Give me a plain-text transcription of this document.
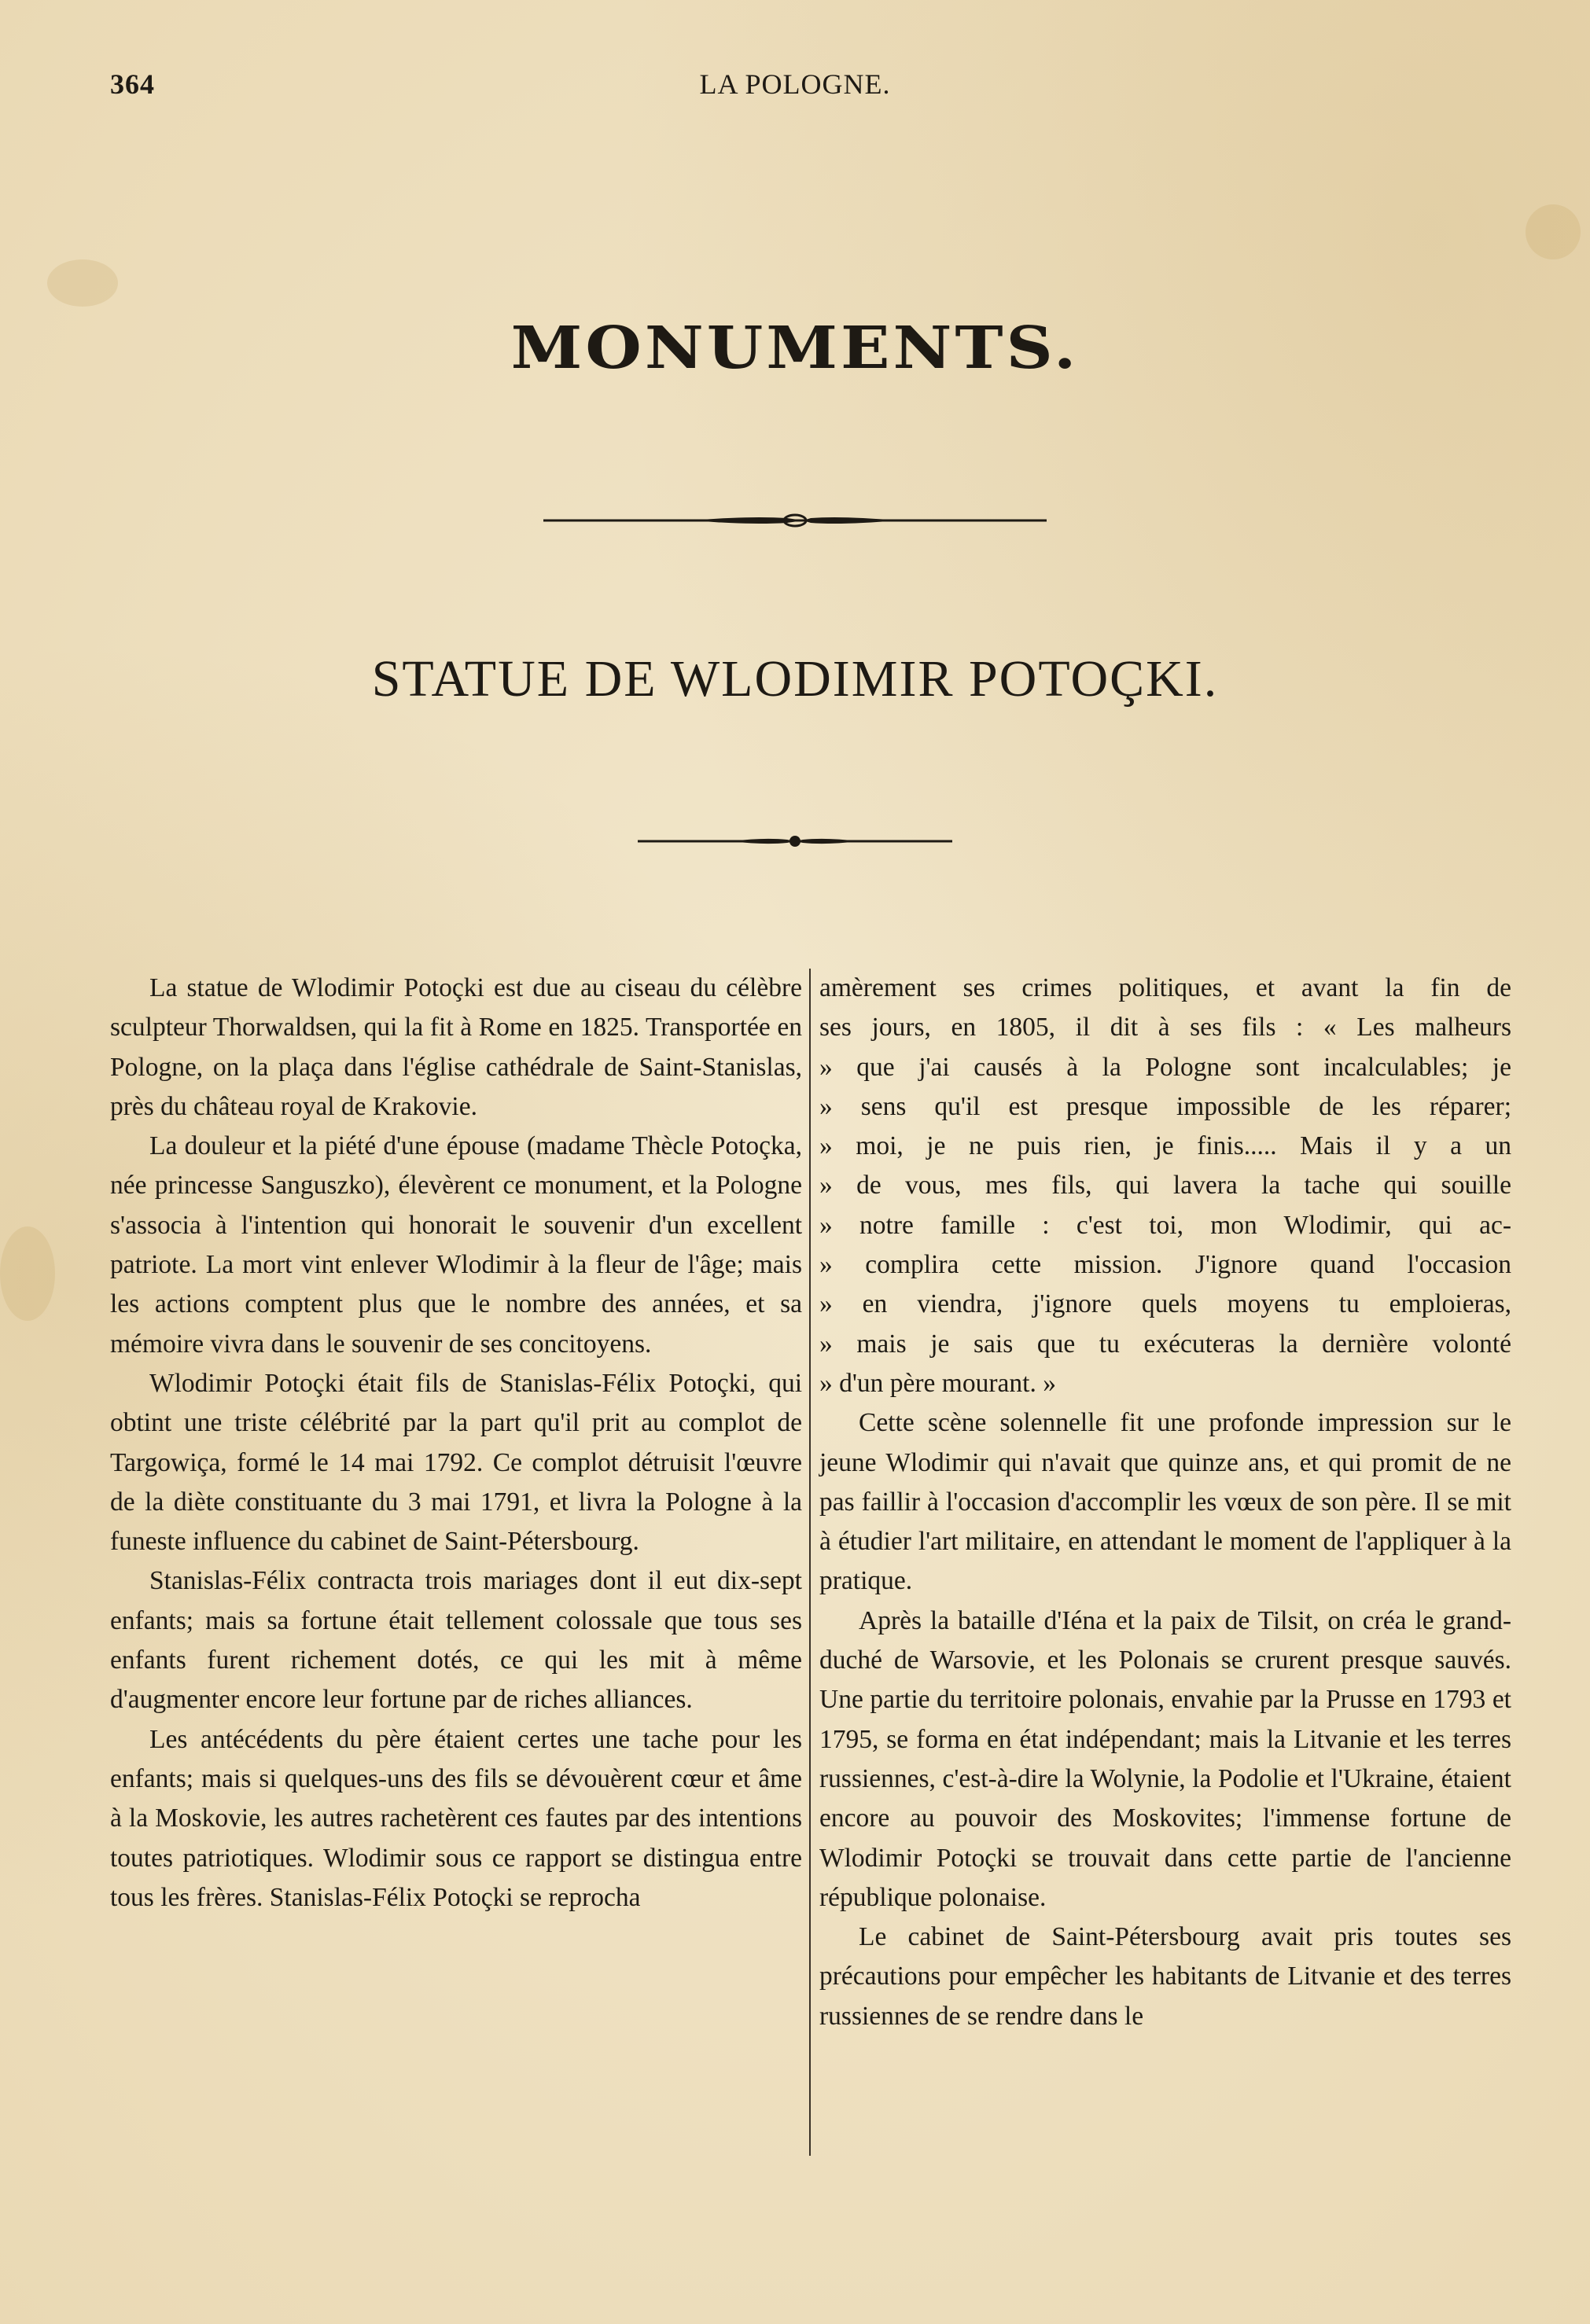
364	LA POLOGNE.
MONUMENTS.
STATUE DE WLODIMIR POTOÇKI.

La statue de Wlodimir Potoçki est due au ciseau du célèbre sculpteur Thorwaldsen, qui la fit à Rome en 1825. Transportée en Pologne, on la plaça dans l'église cathédrale de Saint-Stanislas, près du château royal de Krakovie.

La douleur et la piété d'une épouse (madame Thècle Potoçka, née princesse Sanguszko), élevèrent ce monument, et la Pologne s'associa à l'intention qui honorait le souvenir d'un excellent patriote. La mort vint enlever Wlodimir à la fleur de l'âge; mais les actions comptent plus que le nombre des années, et sa mémoire vivra dans le souvenir de ses concitoyens.

Wlodimir Potoçki était fils de Stanislas-Félix Potoçki, qui obtint une triste célébrité par la part qu'il prit au complot de Targowiça, formé le 14 mai 1792. Ce complot détruisit l'œuvre de la diète constituante du 3 mai 1791, et livra la Pologne à la funeste influence du cabinet de Saint-Pétersbourg.

Stanislas-Félix contracta trois mariages dont il eut dix-sept enfants; mais sa fortune était tellement colossale que tous ses enfants furent richement dotés, ce qui les mit à même d'augmenter encore leur fortune par de riches alliances.

Les antécédents du père étaient certes une tache pour les enfants; mais si quelques-uns des fils se dévouèrent cœur et âme à la Moskovie, les autres rachetèrent ces fautes par des intentions toutes patriotiques. Wlodimir sous ce rapport se distingua entre tous les frères. Stanislas-Félix Potoçki se reprocha

amèrement ses crimes politiques, et avant la fin de

ses jours, en 1805, il dit à ses fils : « Les malheurs

» que j'ai causés à la Pologne sont incalculables; je

» sens qu'il est presque impossible de les réparer;

» moi, je ne puis rien, je finis..... Mais il y a un

» de vous, mes fils, qui lavera la tache qui souille

» notre famille : c'est toi, mon Wlodimir, qui ac-

» complira cette mission. J'ignore quand l'occasion

» en viendra, j'ignore quels moyens tu emploieras,

» mais je sais que tu exécuteras la dernière volonté

» d'un père mourant. »

Cette scène solennelle fit une profonde impression sur le jeune Wlodimir qui n'avait que quinze ans, et qui promit de ne pas faillir à l'occasion d'accomplir les vœux de son père. Il se mit à étudier l'art militaire, en attendant le moment de l'appliquer à la pratique.

Après la bataille d'Iéna et la paix de Tilsit, on créa le grand-duché de Warsovie, et les Polonais se crurent presque sauvés. Une partie du territoire polonais, envahie par la Prusse en 1793 et 1795, se forma en état indépendant; mais la Litvanie et les terres russiennes, c'est-à-dire la Wolynie, la Podolie et l'Ukraine, étaient encore au pouvoir des Moskovites; l'immense fortune de Wlodimir Potoçki se trouvait dans cette partie de l'ancienne république polonaise.

Le cabinet de Saint-Pétersbourg avait pris toutes ses précautions pour empêcher les habitants de Litvanie et des terres russiennes de se rendre dans le
